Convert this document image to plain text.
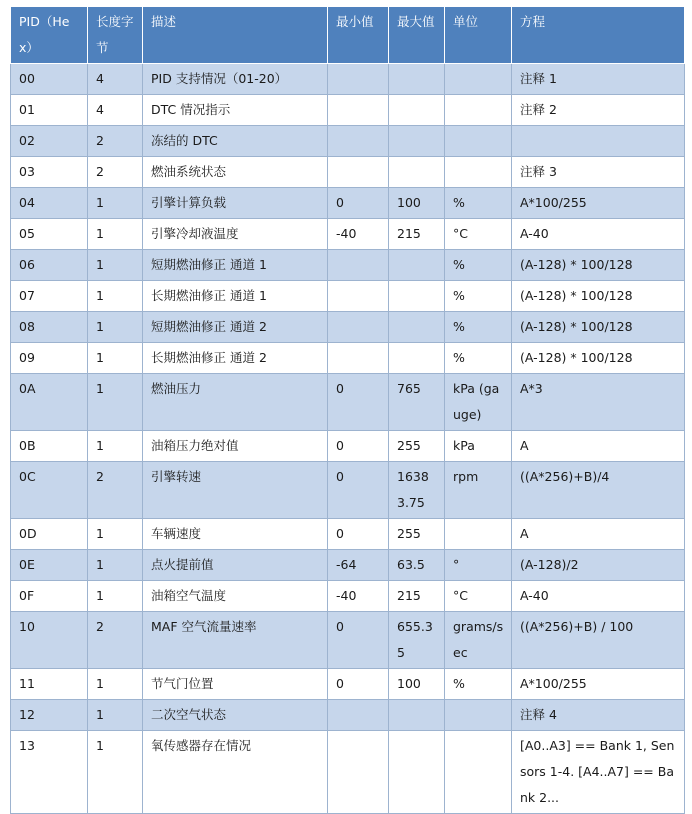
PID（Hex）	长度字节	描述	最小值	最大值	单位	方程
00	4	PID 支持情况（01-20）				注释 1
01	4	DTC 情况指示				注释 2
02	2	冻结的 DTC				
03	2	燃油系统状态				注释 3
04	1	引擎计算负载	0	100	%	A*100/255
05	1	引擎冷却液温度	-40	215	°C	A-40
06	1	短期燃油修正 通道 1			%	(A-128) * 100/128
07	1	长期燃油修正 通道 1			%	(A-128) * 100/128
08	1	短期燃油修正 通道 2			%	(A-128) * 100/128
09	1	长期燃油修正 通道 2			%	(A-128) * 100/128
0A	1	燃油压力	0	765	kPa (gauge)	A*3
0B	1	油箱压力绝对值	0	255	kPa	A
0C	2	引擎转速	0	16383.75	rpm	((A*256)+B)/4
0D	1	车辆速度	0	255		A
0E	1	点火提前值	-64	63.5	°	(A-128)/2
0F	1	油箱空气温度	-40	215	°C	A-40
10	2	MAF 空气流量速率	0	655.35	grams/sec	((A*256)+B) / 100
11	1	节气门位置	0	100	%	A*100/255
12	1	二次空气状态				注释 4
13	1	氧传感器存在情况				[A0..A3] == Bank 1, Sensors 1-4. [A4..A7] == Bank 2...
